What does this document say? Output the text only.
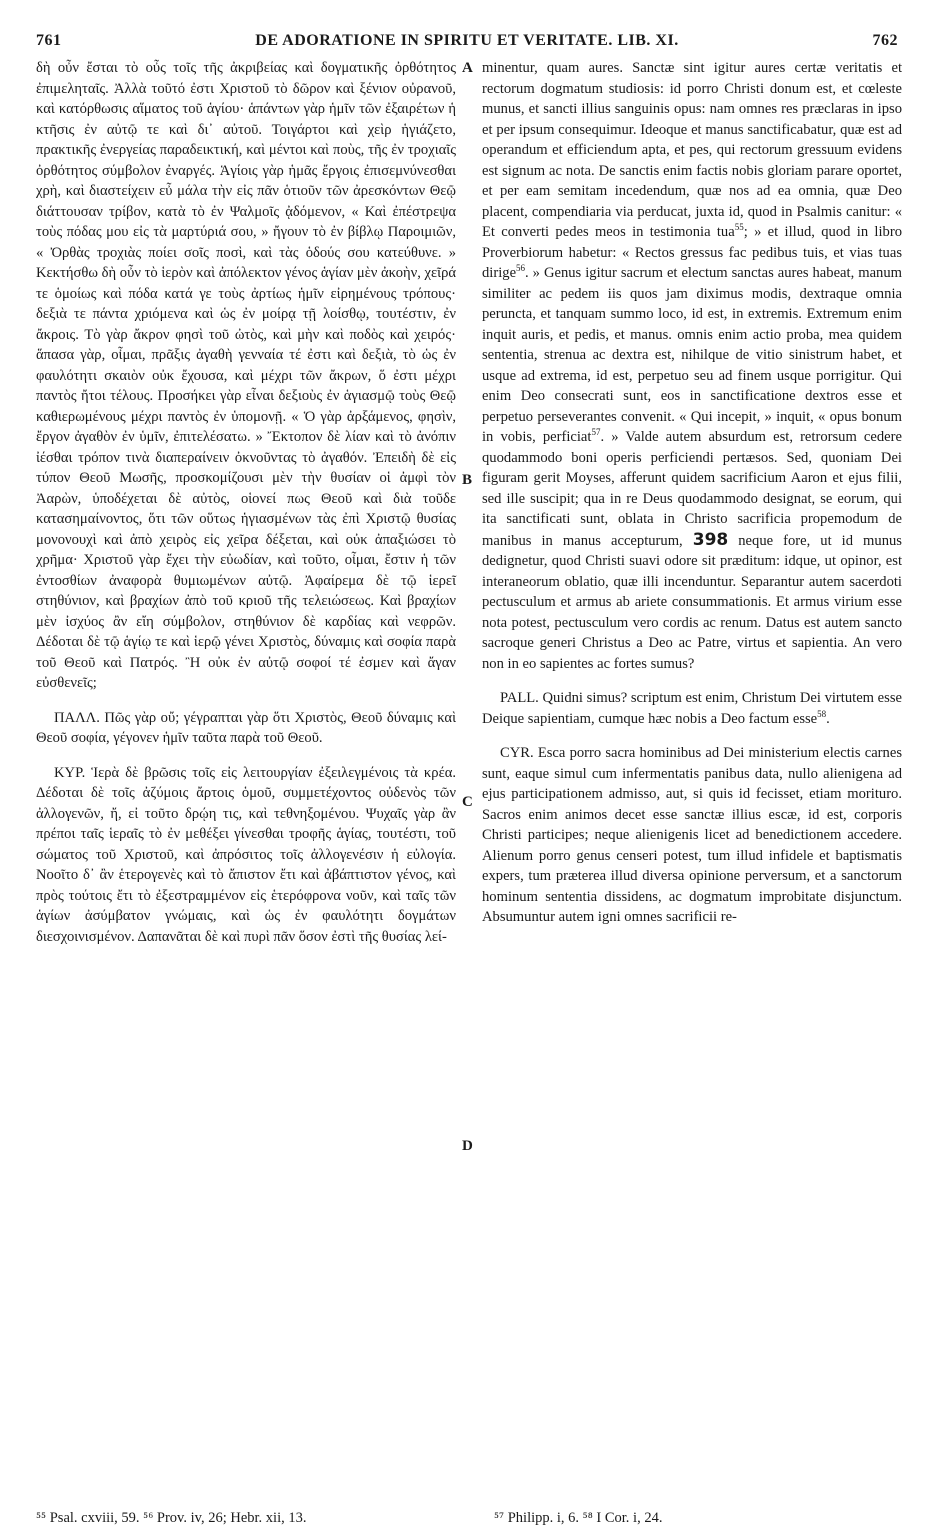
761	DE ADORATIONE IN SPIRITU ET VERITATE. LIB. XI.	762

δὴ οὖν ἔσται τὸ οὖς τοῖς τῆς ἀκριβείας καὶ δογματικῆς ὀρθότητος ἐπιμεληταῖς. Ἀλλὰ τοῦτό ἐστι Χριστοῦ τὸ δῶρον καὶ ξένιον οὐρανοῦ, καὶ κατόρθωσις αἵματος τοῦ ἁγίου· ἁπάντων γὰρ ἡμῖν τῶν ἐξαιρέτων ἡ κτῆσις ἐν αὐτῷ τε καὶ δι᾽ αὐτοῦ. Τοιγάρτοι καὶ χεὶρ ἡγιάζετο, πρακτικῆς ἐνεργείας παραδεικτική, καὶ μέντοι καὶ ποὺς, τῆς ἐν τροχιαῖς ὀρθότητος σύμβολον ἐναργές. Ἁγίοις γὰρ ἡμᾶς ἔργοις ἐπισεμνύνεσθαι χρὴ, καὶ διαστείχειν εὖ μάλα τὴν εἰς πᾶν ὁτιοῦν τῶν ἀρεσκόντων Θεῷ διάττουσαν τρίβον, κατὰ τὸ ἐν Ψαλμοῖς ᾀδόμενον, « Καὶ ἐπέστρεψα τοὺς πόδας μου εἰς τὰ μαρτύριά σου, » ἤγουν τὸ ἐν βίβλῳ Παροιμιῶν, « Ὀρθὰς τροχιὰς ποίει σοῖς ποσὶ, καὶ τὰς ὁδούς σου κατεύθυνε. » Κεκτήσθω δὴ οὖν τὸ ἱερὸν καὶ ἀπόλεκτον γένος ἁγίαν μὲν ἀκοὴν, χεῖρά τε ὁμοίως καὶ πόδα κατά γε τοὺς ἀρτίως ἡμῖν εἰρημένους τρόπους· δεξιὰ τε πάντα χριόμενα καὶ ὡς ἐν μοίρᾳ τῇ λοίσθῳ, τουτέστιν, ἐν ἄκροις. Τὸ γὰρ ἄκρον φησὶ τοῦ ὠτὸς, καὶ μὴν καὶ ποδὸς καὶ χειρός· ἅπασα γὰρ, οἶμαι, πρᾶξις ἀγαθὴ γενναία τέ ἐστι καὶ δεξιὰ, τὸ ὡς ἐν φαυλότητι σκαιὸν οὐκ ἔχουσα, καὶ μέχρι τῶν ἄκρων, ὅ ἐστι μέχρι παντὸς ἤτοι τέλους. Προσήκει γὰρ εἶναι δεξιοὺς ἐν ἁγιασμῷ τοὺς Θεῷ καθιερωμένους μέχρι παντὸς ἐν ὑπομονῇ. « Ὁ γὰρ ἀρξάμενος, φησὶν, ἔργον ἀγαθὸν ἐν ὑμῖν, ἐπιτελέσατω. » Ἔκτοπον δὲ λίαν καὶ τὸ ἀνόπιν ἰέσθαι τρόπον τινὰ διαπεραίνειν ὀκνοῦντας τὸ ἀγαθόν. Ἐπειδὴ δὲ εἰς τύπον Θεοῦ Μωσῆς, προσκομίζουσι μὲν τὴν θυσίαν οἱ ἀμφὶ τὸν Ἀαρὼν, ὑποδέχεται δὲ αὐτὸς, οἱονεί πως Θεοῦ καὶ διὰ τοῦδε κατασημαίνοντος, ὅτι τῶν οὕτως ἡγιασμένων τὰς ἐπὶ Χριστῷ θυσίας μονονουχὶ καὶ ἀπὸ χειρὸς εἰς χεῖρα δέξεται, καὶ οὐκ ἀπαξιώσει τὸ χρῆμα· Χριστοῦ γὰρ ἔχει τὴν εὐωδίαν, καὶ τοῦτο, οἶμαι, ἔστιν ἡ τῶν ἐντοσθίων ἀναφορὰ θυμιωμένων αὐτῷ. Ἀφαίρεμα δὲ τῷ ἱερεῖ στηθύνιον, καὶ βραχίων ἀπὸ τοῦ κριοῦ τῆς τελειώσεως. Καὶ βραχίων μὲν ἰσχύος ἂν εἴη σύμβολον, στηθύνιον δὲ καρδίας καὶ νεφρῶν. Δέδοται δὲ τῷ ἁγίῳ τε καὶ ἱερῷ γένει Χριστὸς, δύναμις καὶ σοφία παρὰ τοῦ Θεοῦ καὶ Πατρός. Ἢ οὐκ ἐν αὐτῷ σοφοί τέ ἐσμεν καὶ ἄγαν εὐσθενεῖς;

ΠΑΛΛ. Πῶς γὰρ οὔ; γέγραπται γὰρ ὅτι Χριστὸς, Θεοῦ δύναμις καὶ Θεοῦ σοφία, γέγονεν ἡμῖν ταῦτα παρὰ τοῦ Θεοῦ.

ΚΥΡ. Ἱερὰ δὲ βρῶσις τοῖς εἰς λειτουργίαν ἐξειλεγμένοις τὰ κρέα. Δέδοται δὲ τοῖς ἀζύμοις ἄρτοις ὁμοῦ, συμμετέχοντος οὐδενὸς τῶν ἀλλογενῶν, ἤ, εἰ τοῦτο δρῴη τις, καὶ τεθνηξομένου. Ψυχαῖς γὰρ ἂν πρέποι ταῖς ἱεραῖς τὸ ἐν μεθέξει γίνεσθαι τροφῆς ἁγίας, τουτέστι, τοῦ σώματος τοῦ Χριστοῦ, καὶ ἀπρόσιτος τοῖς ἀλλογενέσιν ἡ εὐλογία. Νοοῖτο δ᾽ ἂν ἑτερογενὲς καὶ τὸ ἄπιστον ἔτι καὶ ἀβάπτιστον γένος, καὶ πρὸς τούτοις ἔτι τὸ ἐξεστραμμένον εἰς ἑτερόφρονα νοῦν, καὶ ταῖς τῶν ἁγίων ἀσύμβατον γνώμαις, καὶ ὡς ἐν φαυλότητι δογμάτων διεσχοινισμένον. Δαπανᾶται δὲ καὶ πυρὶ πᾶν ὅσον ἐστὶ τῆς θυσίας λεί-

A
B
C
D

minentur, quam aures. Sanctæ sint igitur aures certæ veritatis et rectorum dogmatum studiosis: id porro Christi donum est, et cœleste munus, et sancti illius sanguinis opus: nam omnes res præclaras in ipso et per ipsum consequimur. Ideoque et manus sanctificabatur, quæ est ad operandum et efficiendum apta, et pes, qui rectorum gressuum evidens est signum ac nota. De sanctis enim factis nobis gloriam parare oportet, et per eam semitam incedendum, quæ nos ad ea omnia, quæ Deo placent, compendiaria via perducat, juxta id, quod in Psalmis canitur: « Et converti pedes meos in testimonia tua$^{55}$; » et illud, quod in libro Proverbiorum habetur: « Rectos gressus fac pedibus tuis, et vias tuas dirige$^{56}$. » Genus igitur sacrum et electum sanctas aures habeat, manum similiter ac pedem iis quos jam diximus modis, dextraque omnia peruncta, et tanquam summo loco, id est, in extremis. Extremum enim inquit auris, et pedis, et manus. omnis enim actio proba, mea quidem sententia, strenua ac dextra est, nihilque de vitio sinistrum habet, et usque ad extrema, id est, perpetuo seu ad finem usque porrigitur. Qui enim Deo consecrati sunt, eos in sanctificatione dextros esse et perpetuo perseverantes convenit. « Qui incepit, » inquit, « opus bonum in vobis, perficiat$^{57}$. » Valde autem absurdum est, retrorsum cedere quodammodo boni operis perficiendi pertæsos. Sed, quoniam Dei figuram gerit Moyses, afferunt quidem sacrificium Aaron et ejus filii, sed ille suscipit; qua in re Deus quodammodo designat, se eorum, qui ita sanctificati sunt, oblata in Christo sacrificia propemodum de manibus in manus accepturum, 398 neque fore, ut id munus dedignetur, quod Christi suavi odore sit præditum: idque, ut opinor, est interaneorum oblatio, quæ illi incenduntur. Separantur autem sacerdoti pectusculum et armus ab ariete consummationis. Et armus virium esse nota potest, pectusculum vero cordis ac renum. Datus est autem sancto sacroque generi Christus a Deo ac Patre, virtus et sapientia. An vero non in eo sapientes ac fortes sumus?

PALL. Quidni simus? scriptum est enim, Christum Dei virtutem esse Deique sapientiam, cumque hæc nobis a Deo factum esse$^{58}$.

CYR. Esca porro sacra hominibus ad Dei ministerium electis carnes sunt, eaque simul cum infermentatis panibus data, nullo alienigena ad ejus participationem admisso, aut, si quis id fecisset, etiam morituro. Sacros enim animos decet esse sanctæ illius escæ, id est, corporis Christi participes; neque alienigenis licet ad benedictionem accedere. Alienum porro genus censeri potest, tum illud infidele et baptismatis expers, tum præterea illud diversa opinione perversum, et a sanctorum hominum sententia dissidens, ac dogmatum improbitate disjunctum. Absumuntur autem igni omnes sacrificii re-

⁵⁵ Psal. cxviii, 59. ⁵⁶ Prov. iv, 26; Hebr. xii, 13.	⁵⁷ Philipp. i, 6. ⁵⁸ I Cor. i, 24.
